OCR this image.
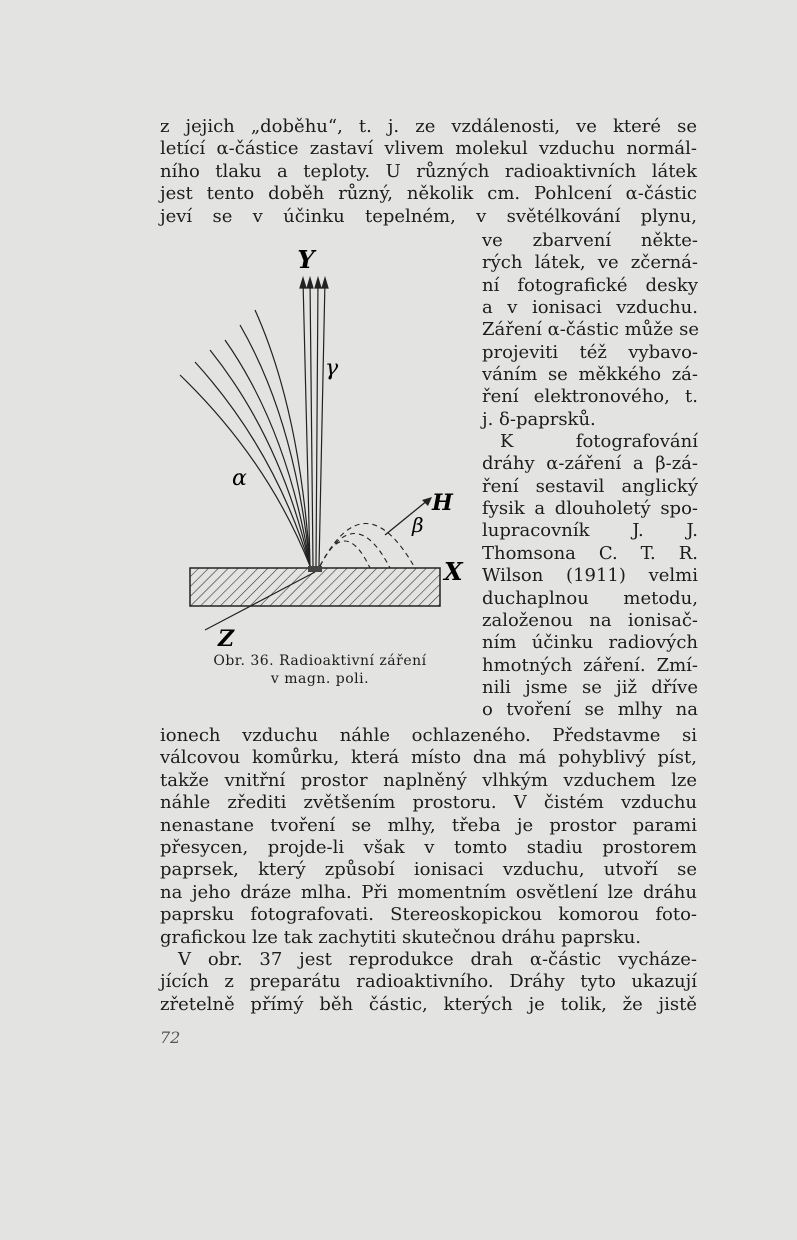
z jejich „doběhu“, t. j. ze vzdálenosti, ve které se
letící α-částice zastaví vlivem molekul vzduchu normál-
ního tlaku a teploty. U různých radioaktivních látek
jest tento doběh různý, několik cm. Pohlcení α-částic
jeví se v účinku tepelném, v světélkování plynu,
Y
γ
α
H
β
X
Z
Obr. 36. Radioaktivní záření
v magn. poli.
ve zbarvení někte-
rých látek, ve zčerná-
ní fotografické desky
a v ionisaci vzduchu.
Záření α-částic může se
projeviti též vybavo-
váním se měkkého zá-
ření elektronového, t.
j. δ-paprsků.
K fotografování
dráhy α-záření a β-zá-
ření sestavil anglický
fysik a dlouholetý spo-
lupracovník J. J.
Thomsona C. T. R.
Wilson (1911) velmi
duchaplnou metodu,
založenou na ionisač-
ním účinku radiových
hmotných záření. Zmí-
nili jsme se již dříve
o tvoření se mlhy na
ionech vzduchu náhle ochlazeného. Představme si
válcovou komůrku, která místo dna má pohyblivý píst,
takže vnitřní prostor naplněný vlhkým vzduchem lze
náhle zřediti zvětšením prostoru. V čistém vzduchu
nenastane tvoření se mlhy, třeba je prostor parami
přesycen, projde-li však v tomto stadiu prostorem
paprsek, který způsobí ionisaci vzduchu, utvoří se
na jeho dráze mlha. Při momentním osvětlení lze dráhu
paprsku fotografovati. Stereoskopickou komorou foto-
grafickou lze tak zachytiti skutečnou dráhu paprsku.
V obr. 37 jest reprodukce drah α-částic vycháze-
jících z preparátu radioaktivního. Dráhy tyto ukazují
zřetelně přímý běh částic, kterých je tolik, že jistě
72
